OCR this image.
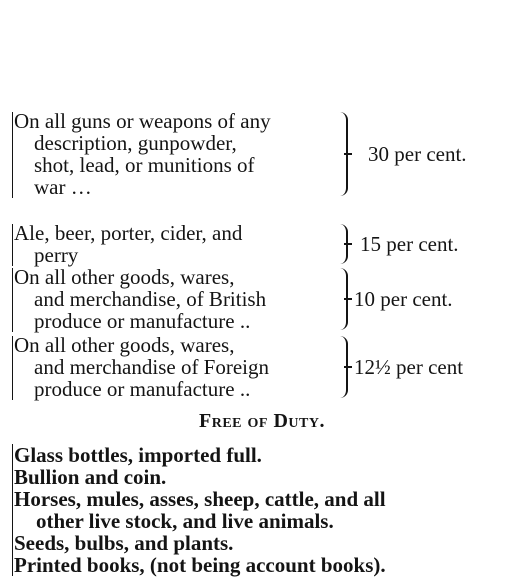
On all guns or weapons of any
description, gunpowder,
shot, lead, or munitions of
war …
30 per cent.
Ale, beer, porter, cider, and
perry	15 per cent.
On all other goods, wares,
and merchandise, of British
produce or manufacture ..
10 per cent.
On all other goods, wares,
and merchandise of Foreign
produce or manufacture ..
12½ per cent
Free of Duty.
Glass bottles, imported full.
Bullion and coin.
Horses, mules, asses, sheep, cattle, and all
other live stock, and live animals.
Seeds, bulbs, and plants.
Printed books, (not being account books).
